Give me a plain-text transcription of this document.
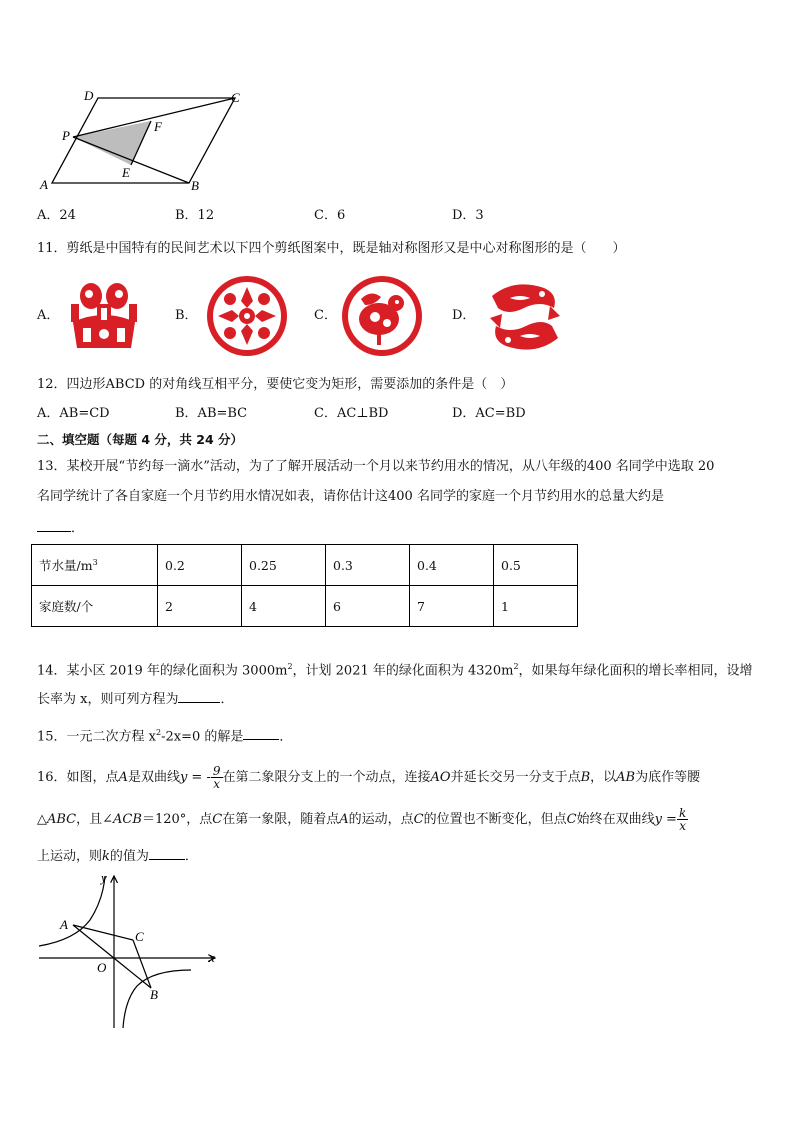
D	C
P
F
E
A	B
A．24	B．12	C．6	D．3
11．剪纸是中国特有的民间艺术以下四个剪纸图案中，既是轴对称图形又是中心对称图形的是（　　）
A．	B．	C．	D．
12．四边形ABCD 的对角线互相平分，要使它变为矩形，需要添加的条件是（　）
A．AB=CD	B．AB=BC	C．AC⊥BD	D．AC=BD
二、填空题（每题 4 分，共 24 分）
13．某校开展“节约每一滴水”活动，为了了解开展活动一个月以来节约用水的情况，从八年级的400 名同学中选取 20
名同学统计了各自家庭一个月节约用水情况如表，请你估计这400 名同学的家庭一个月节约用水的总量大约是
．
节水量$/m^3$	0.2	0.25	0.3	0.4	0.5
家庭数/个	2	4	6	7	1
14．某小区 2019 年的绿化面积为 $3000m^2$，计划 2021 年的绿化面积为 $4320m^2$，如果每年绿化面积的增长率相同，设增
长率为 x，则可列方程为	．
15．一元二次方程 $x^2-2x=0$ 的解是	．
16．如图，点A是双曲线y = - $\frac{9}{x}$ 在第二象限分支上的一个动点，连接AO并延长交另一分支于点B，以AB为底作等腰
△ABC，且∠ACB＝120°，点C在第一象限，随着点A的运动，点C的位置也不断变化，但点C始终在双曲线$y = \frac{k}{x}$
上运动，则k的值为	．
y
x
O
A
C
B
